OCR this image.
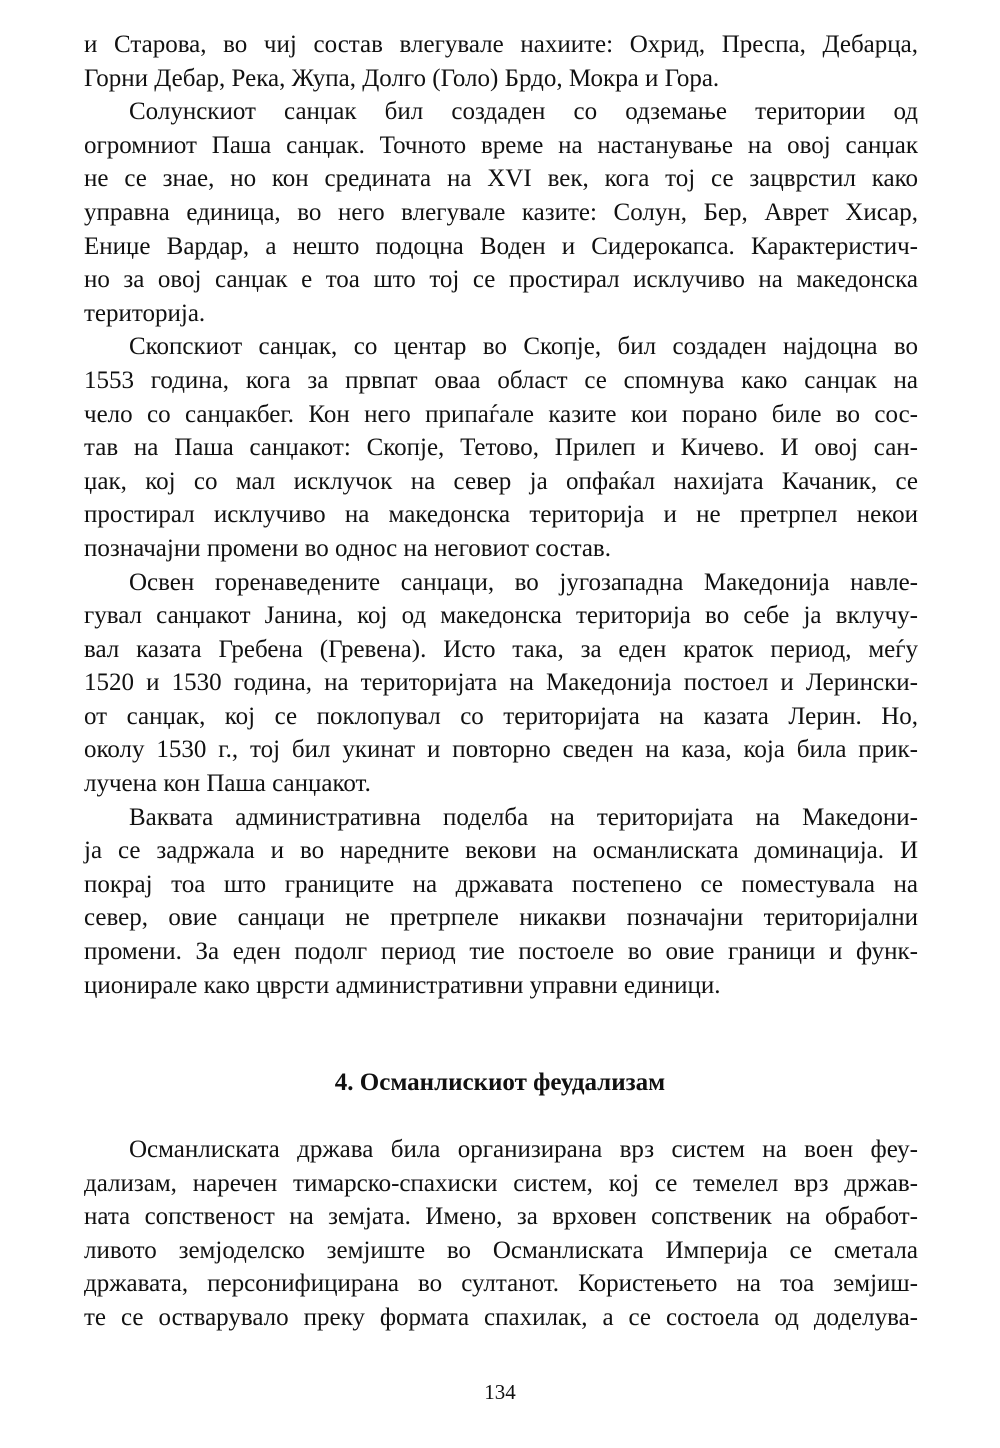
и Старова, во чиј состав влегувале нахиите: Охрид, Преспа, Дебарца,
Горни Дебар, Река, Жупа, Долго (Голо) Брдо, Мокра и Гора.
Солунскиот санџак бил создаден со одземање територии од
огромниот Паша санџак. Точното време на настанување на овој санџак
не се знае, но кон средината на XVI век, кога тој се зацврстил како
управна единица, во него влегувале казите: Солун, Бер, Аврет Хисар,
Ениџе Вардар, а нешто подоцна Воден и Сидерокапса. Карактеристич-
но за овој санџак е тоа што тој се простирал исклучиво на македонска
територија.
Скопскиот санџак, со центар во Скопје, бил создаден најдоцна во
1553 година, кога за првпат оваа област се спомнува како санџак на
чело со санџакбег. Кон него припаѓале казите кои порано биле во сос-
тав на Паша санџакот: Скопје, Тетово, Прилеп и Кичево. И овој сан-
џак, кој со мал исклучок на север ја опфаќал нахијата Качаник, се
простирал исклучиво на македонска територија и не претрпел некои
позначајни промени во однос на неговиот состав.
Освен горенаведените санџаци, во југозападна Македонија навле-
гувал санџакот Јанина, кој од македонска територија во себе ја вклучу-
вал казата Гребена (Гревена). Исто така, за еден краток период, меѓу
1520 и 1530 година, на територијата на Македонија постоел и Леринcки-
от санџак, кој се поклопувал со територијата на казата Лерин. Но,
околу 1530 г., тој бил укинат и повторно сведен на каза, која била прик-
лучена кон Паша санџакот.
Ваквата административна поделба на територијата на Македони-
ја се задржала и во наредните векови на османлиската доминација. И
покрај тоа што границите на државата постепено се поместувала на
север, овие санџаци не претрпеле никакви позначајни територијални
промени. За еден подолг период тие постоеле во овие граници и функ-
ционирале како цврсти административни управни единици.
4. Османлискиот феудализам
Османлиската држава била организирана врз систем на воен феу-
дализам, наречен тимарско-спахиски систем, кој се темелел врз држав-
ната сопственост на земјата. Имено, за врховен сопственик на обработ-
ливото земјоделско земјиште во Османлиската Империја се сметала
државата, персонифицирана во султанот. Користењето на тоа земјиш-
те се остварувало преку формата спахилак, а се состоела од доделува-
134
